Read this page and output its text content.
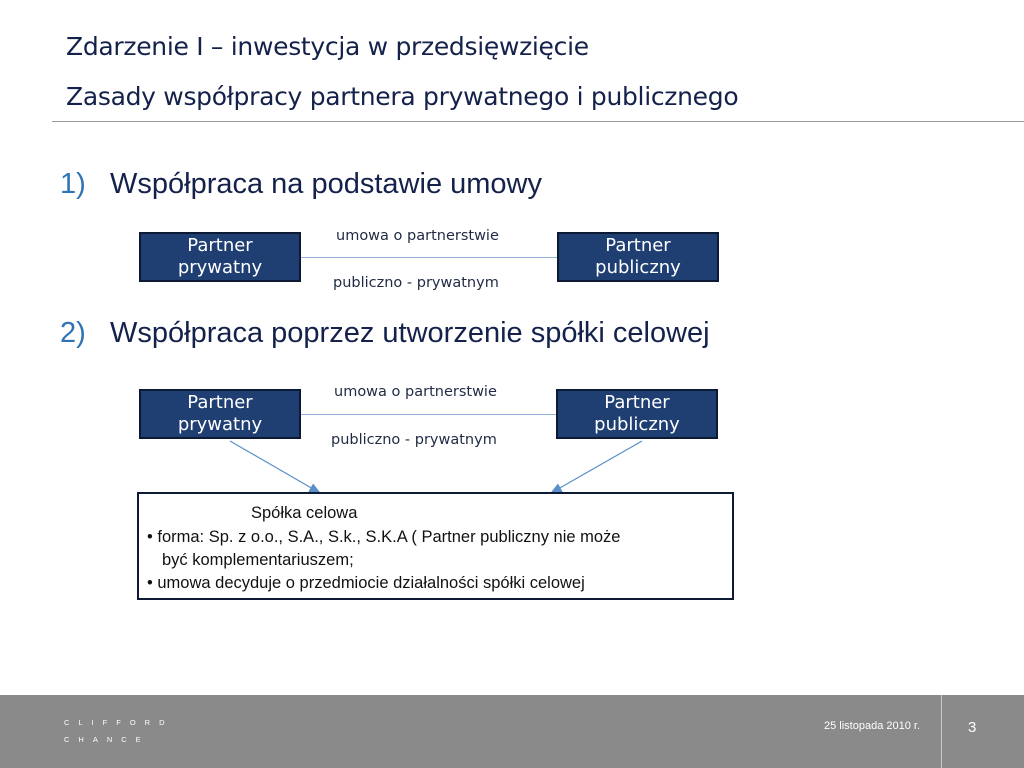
Zdarzenie I – inwestycja w przedsięwzięcie
Zasady współpracy partnera prywatnego i publicznego
1) Współpraca na podstawie umowy
Partner
prywatny
umowa o partnerstwie
publiczno - prywatnym
Partner
publiczny
2) Współpraca poprzez utworzenie spółki celowej
Partner
prywatny
umowa o partnerstwie
publiczno - prywatnym
Partner
publiczny
Spółka celowa
• forma: Sp. z o.o., S.A., S.k., S.K.A ( Partner publiczny nie może
być komplementariuszem;
• umowa decyduje o przedmiocie działalności spółki celowej
CLIFFORD
CHANCE
25 listopada 2010 r.	3
